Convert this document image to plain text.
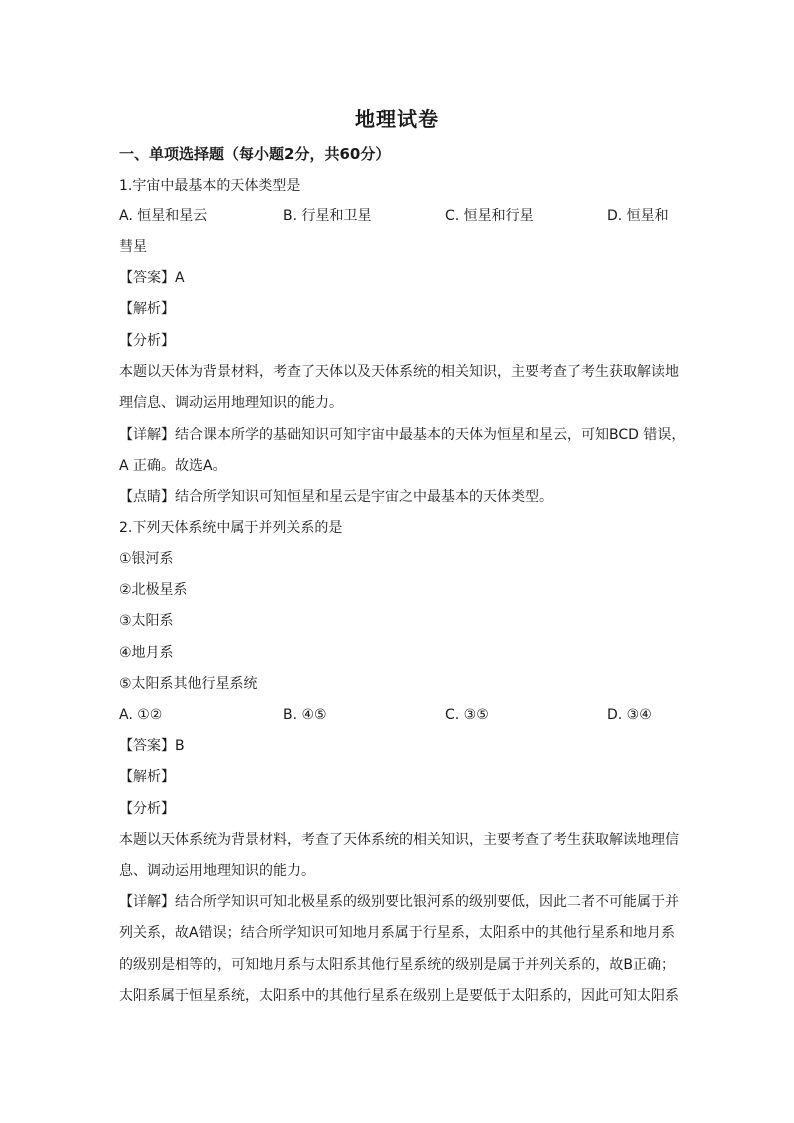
地理试卷
一、单项选择题（每小题2分，共60分）
1.宇宙中最基本的天体类型是
A. 恒星和星云	B. 行星和卫星	C. 恒星和行星	D. 恒星和
彗星
【答案】A
【解析】
【分析】
本题以天体为背景材料，考查了天体以及天体系统的相关知识，主要考查了考生获取解读地
理信息、调动运用地理知识的能力。
【详解】结合课本所学的基础知识可知宇宙中最基本的天体为恒星和星云，可知BCD 错误，
A 正确。故选A。
【点睛】结合所学知识可知恒星和星云是宇宙之中最基本的天体类型。
2.下列天体系统中属于并列关系的是
①银河系
②北极星系
③太阳系
④地月系
⑤太阳系其他行星系统
A. ①②	B. ④⑤	C. ③⑤	D. ③④
【答案】B
【解析】
【分析】
本题以天体系统为背景材料，考查了天体系统的相关知识，主要考查了考生获取解读地理信
息、调动运用地理知识的能力。
【详解】结合所学知识可知北极星系的级别要比银河系的级别要低，因此二者不可能属于并
列关系，故A错误；结合所学知识可知地月系属于行星系，太阳系中的其他行星系和地月系
的级别是相等的，可知地月系与太阳系其他行星系统的级别是属于并列关系的，故B正确；
太阳系属于恒星系统，太阳系中的其他行星系在级别上是要低于太阳系的，因此可知太阳系
